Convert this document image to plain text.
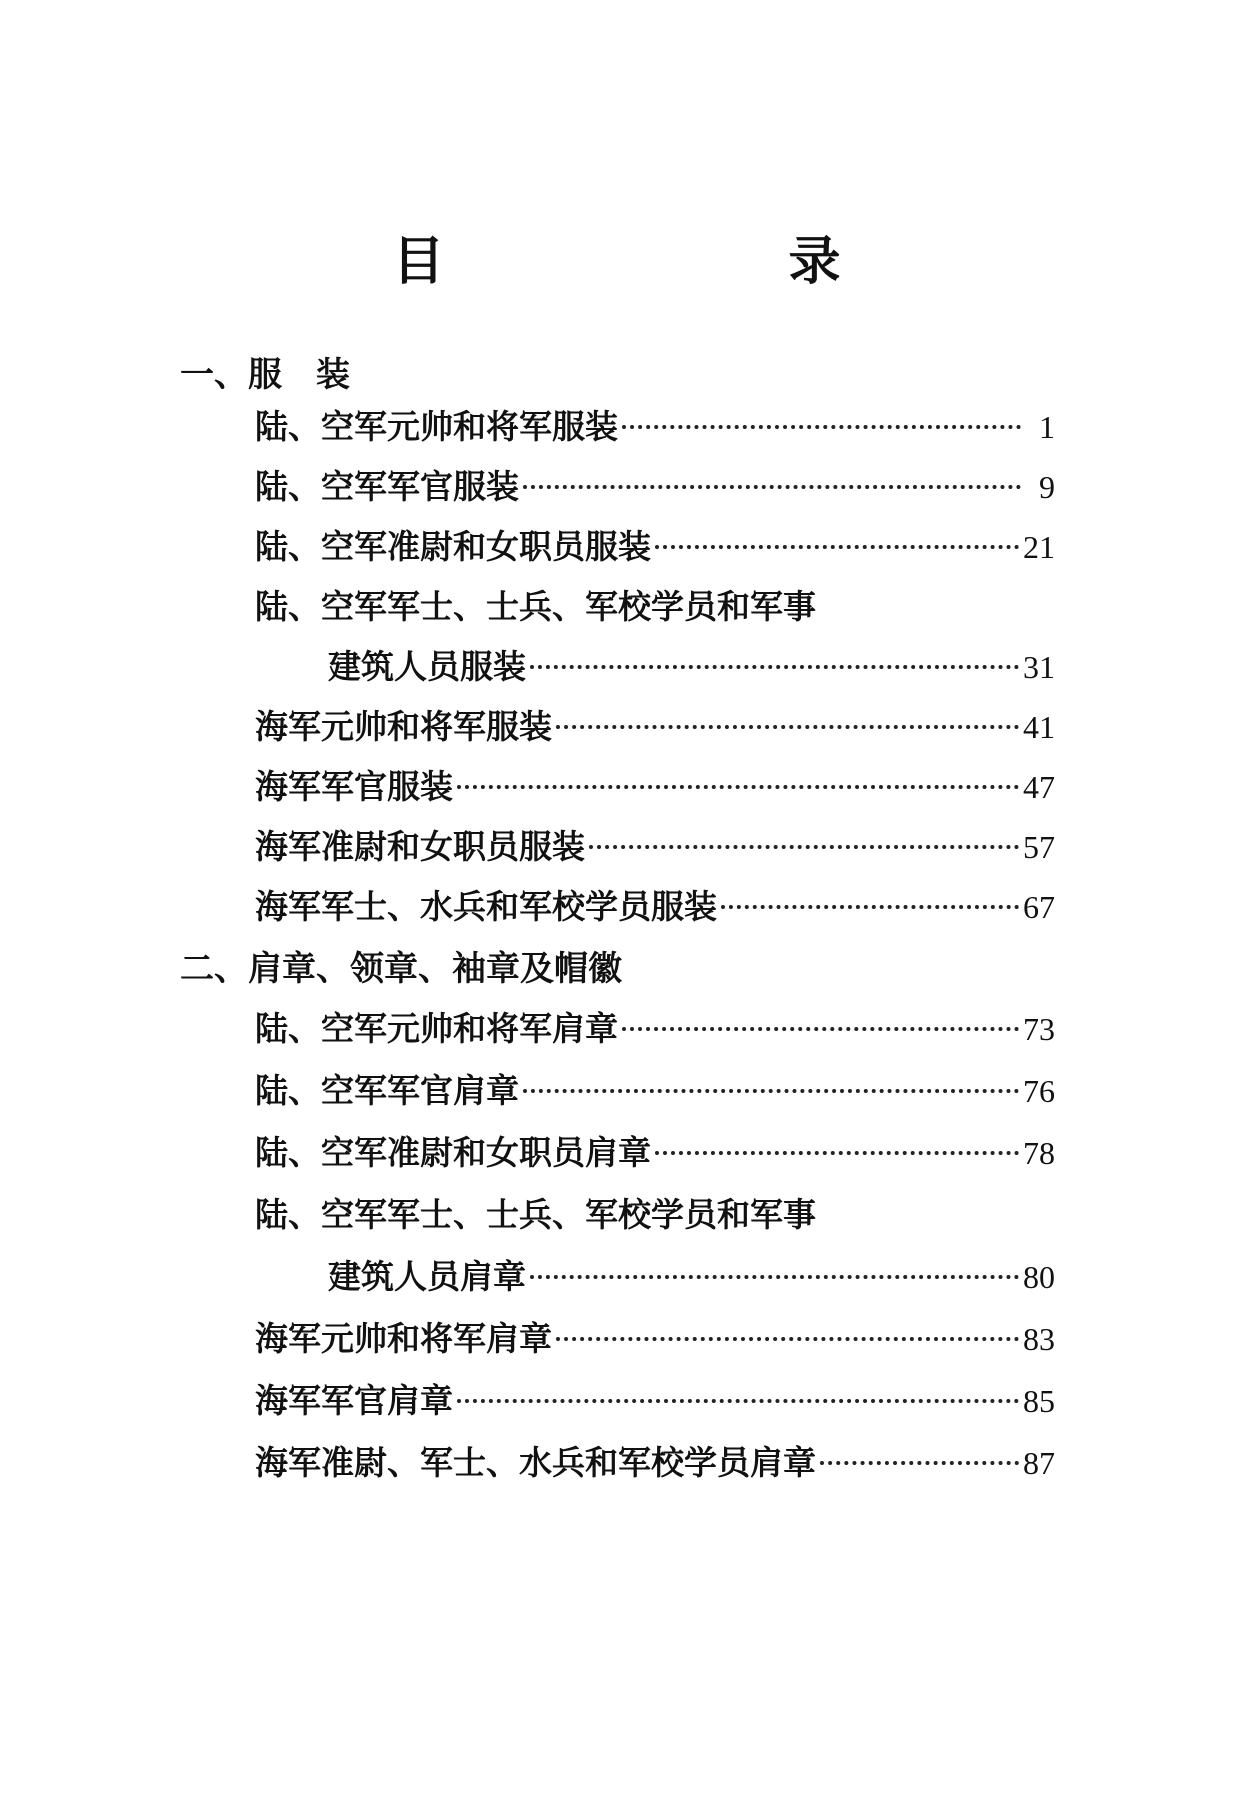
目　　录
一、服　装
陆、空军元帅和将军服装	1
陆、空军军官服装	9
陆、空军准尉和女职员服装	21
陆、空军军士、士兵、军校学员和军事
建筑人员服装	31
海军元帅和将军服装	41
海军军官服装	47
海军准尉和女职员服装	57
海军军士、水兵和军校学员服装	67
二、肩章、领章、袖章及帽徽
陆、空军元帅和将军肩章	73
陆、空军军官肩章	76
陆、空军准尉和女职员肩章	78
陆、空军军士、士兵、军校学员和军事
建筑人员肩章	80
海军元帅和将军肩章	83
海军军官肩章	85
海军准尉、军士、水兵和军校学员肩章	87
